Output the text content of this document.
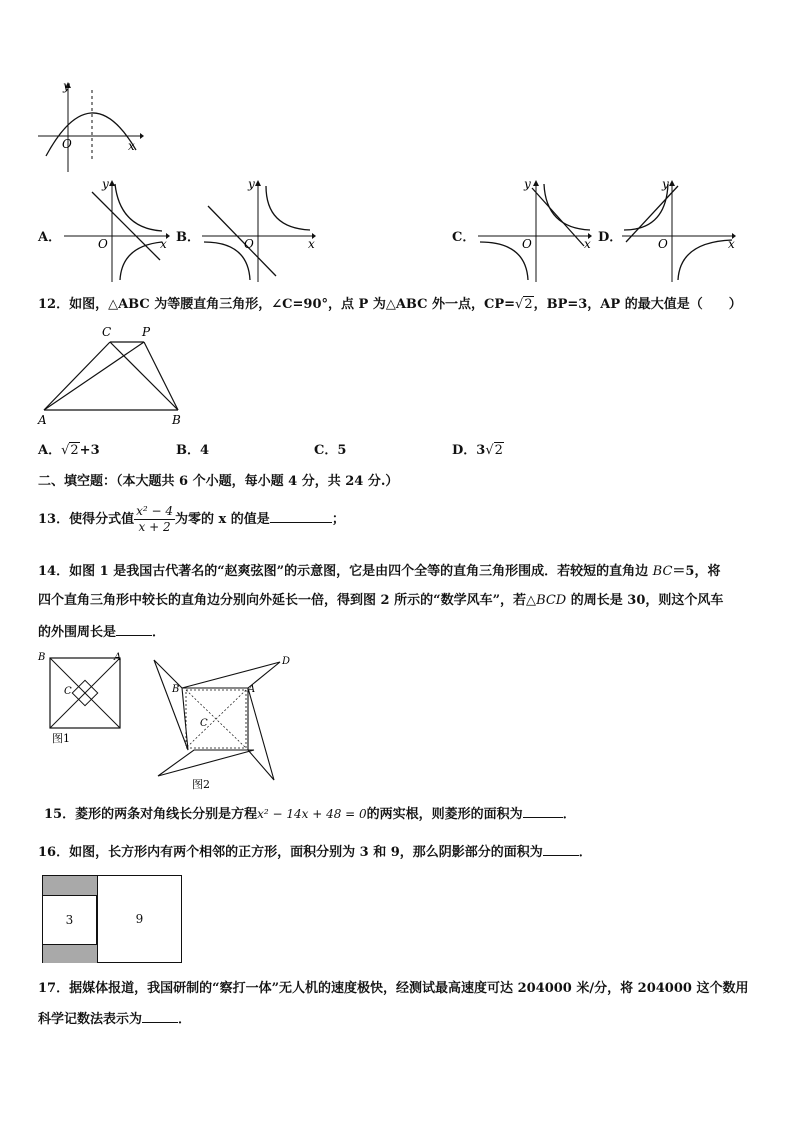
y
x
O
A．
y
x
O	B．
y
x
O	C．
y
x
O	D．
y
x
O
12．如图，△ABC 为等腰直角三角形，∠C=90°，点 P 为△ABC 外一点，CP=√2，BP=3，AP 的最大值是（　　）
C	P
A	B
A．√2+3	B．4	C．5	D．3√2
二、填空题：（本大题共 6 个小题，每小题 4 分，共 24 分.）
13．使得分式值 $\frac{\text{x² − 4}}{x + 2}$ 为零的 x 的值是	；
14．如图 1 是我国古代著名的“赵爽弦图”的示意图，它是由四个全等的直角三角形围成．若较短的直角边 BC＝5，将
四个直角三角形中较长的直角边分别向外延长一倍，得到图 2 所示的“数学风车”，若△BCD 的周长是 30，则这个风车
的外围周长是	．
B	A
C
图1
B	A
C
D
图2
15．菱形的两条对角线长分别是方程x² − 14x + 48 = 0的两实根，则菱形的面积为	．
16．如图，长方形内有两个相邻的正方形，面积分别为 3 和 9，那么阴影部分的面积为	．
3	9
17．据媒体报道，我国研制的“察打一体”无人机的速度极快，经测试最高速度可达 204000 米/分，将 204000 这个数用
科学记数法表示为	．
